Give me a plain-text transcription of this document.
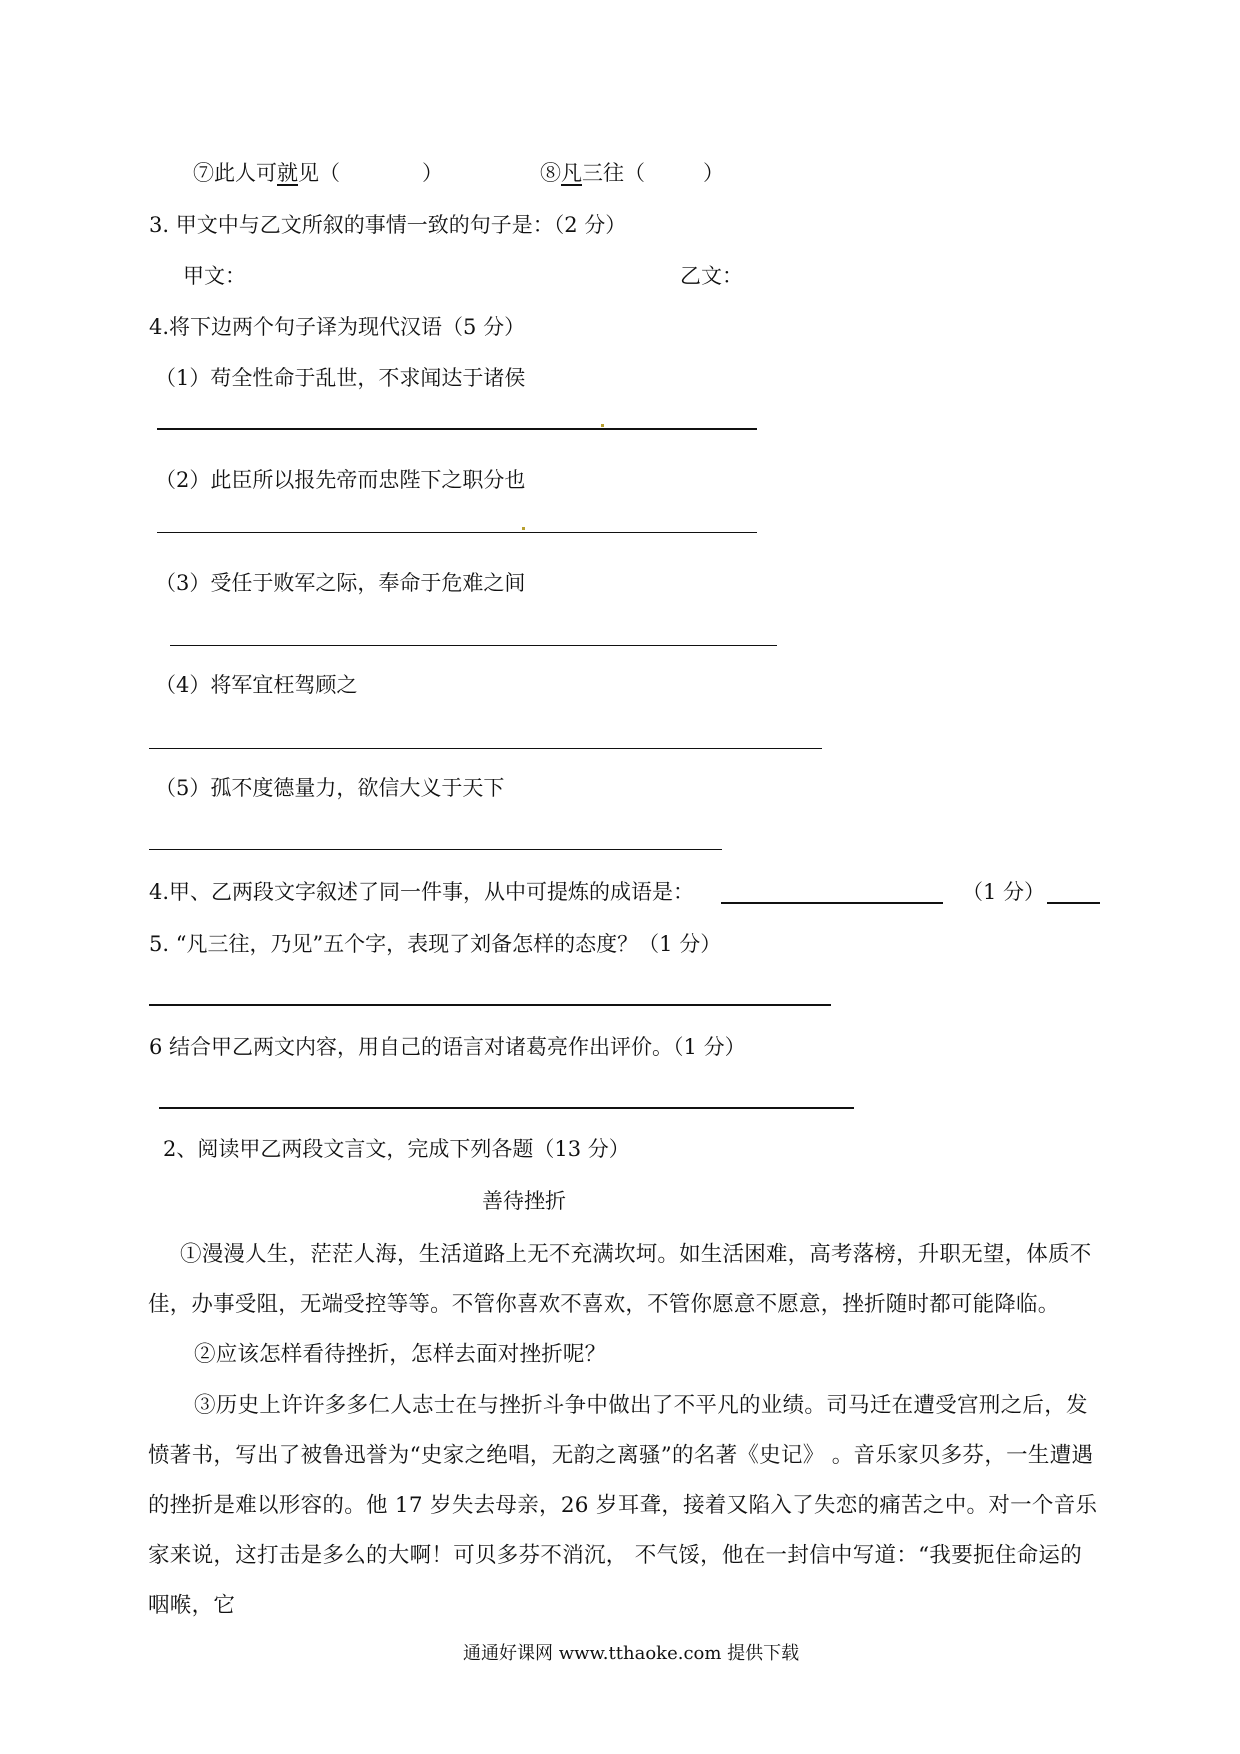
⑦此人可就见（	）	⑧凡三往（	）
3. 甲文中与乙文所叙的事情一致的句子是：（2 分）
甲文：	乙文：
4.将下边两个句子译为现代汉语（5 分）
（1）苟全性命于乱世，不求闻达于诸侯
（2）此臣所以报先帝而忠陛下之职分也
（3）受任于败军之际，奉命于危难之间
（4）将军宜枉驾顾之
（5）孤不度德量力，欲信大义于天下
4.甲、乙两段文字叙述了同一件事，从中可提炼的成语是：	（1 分）
5. “凡三往，乃见”五个字，表现了刘备怎样的态度？（1 分）
6 结合甲乙两文内容，用自己的语言对诸葛亮作出评价。（1 分）
2、阅读甲乙两段文言文，完成下列各题（13 分）
善待挫折
①漫漫人生，茫茫人海，生活道路上无不充满坎坷。如生活困难，高考落榜，升职无望，体质不佳，办事受阻，无端受控等等。不管你喜欢不喜欢，不管你愿意不愿意，挫折随时都可能降临。
②应该怎样看待挫折，怎样去面对挫折呢？
③历史上许许多多仁人志士在与挫折斗争中做出了不平凡的业绩。司马迁在遭受宫刑之后，发愤著书，写出了被鲁迅誉为“史家之绝唱，无韵之离骚”的名著《史记》 。音乐家贝多芬，一生遭遇的挫折是难以形容的。他 17 岁失去母亲，26 岁耳聋，接着又陷入了失恋的痛苦之中。对一个音乐家来说，这打击是多么的大啊！可贝多芬不消沉， 不气馁，他在一封信中写道：“我要扼住命运的咽喉，它
通通好课网 www.tthaoke.com 提供下载
